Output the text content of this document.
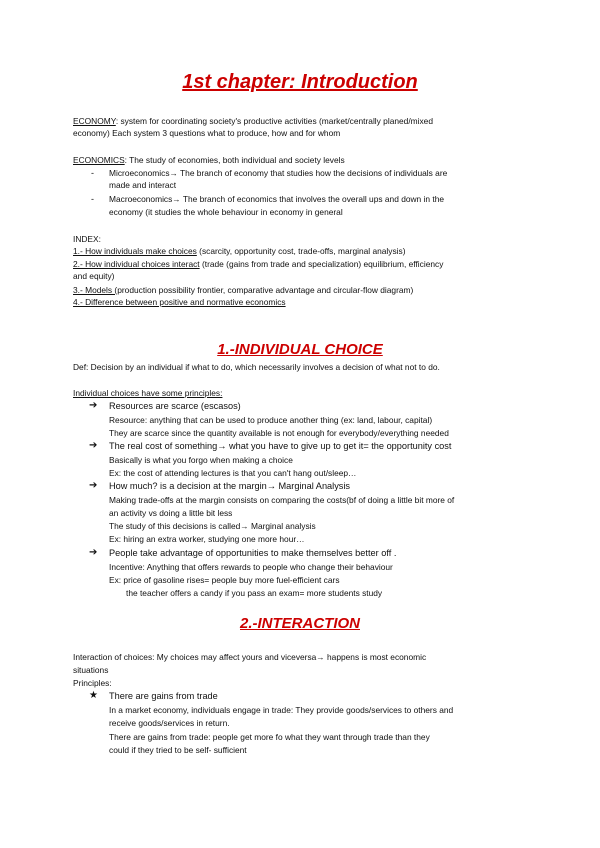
1st chapter: Introduction
ECONOMY: system for coordinating society's productive activities (market/centrally planed/mixed
economy) Each system 3 questions what to produce, how and for whom
ECONOMICS: The study of economies, both individual and society levels
- Microeconomics→ The branch of economy that studies how the decisions of individuals are
made and interact
- Macroeconomics→ The branch of economics that involves the overall ups and down in the
economy (it studies the whole behaviour in economy in general
INDEX:
1.- How individuals make choices (scarcity, opportunity cost, trade-offs, marginal analysis)
2.- How individual choices interact (trade (gains from trade and specialization) equilibrium, efficiency
and equity)
3.- Models (production possibility frontier, comparative advantage and circular-flow diagram)
4.- Difference between positive and normative economics
1.-INDIVIDUAL CHOICE
Def: Decision by an individual if what to do, which necessarily involves a decision of what not to do.
Individual choices have some principles:
➔ Resources are scarce (escasos)
Resource: anything that can be used to produce another thing (ex: land, labour, capital)
They are scarce since the quantity available is not enough for everybody/everything needed
➔ The real cost of something→ what you have to give up to get it= the opportunity cost
Basically is what you forgo when making a choice
Ex: the cost of attending lectures is that you can't hang out/sleep…
➔ How much? is a decision at the margin→ Marginal Analysis
Making trade-offs at the margin consists on comparing the costs(bf of doing a little bit more of
an activity vs doing a little bit less
The study of this decisions is called→ Marginal analysis
Ex: hiring an extra worker, studying one more hour…
➔ People take advantage of opportunities to make themselves better off .
Incentive: Anything that offers rewards to people who change their behaviour
Ex: price of gasoline rises= people buy more fuel-efficient cars
the teacher offers a candy if you pass an exam= more students study
2.-INTERACTION
Interaction of choices: My choices may affect yours and viceversa→ happens is most economic
situations
Principles:
★ There are gains from trade
In a market economy, individuals engage in trade: They provide goods/services to others and
receive goods/services in return.
There are gains from trade: people get more fo what they want through trade than they
could if they tried to be self- sufficient
